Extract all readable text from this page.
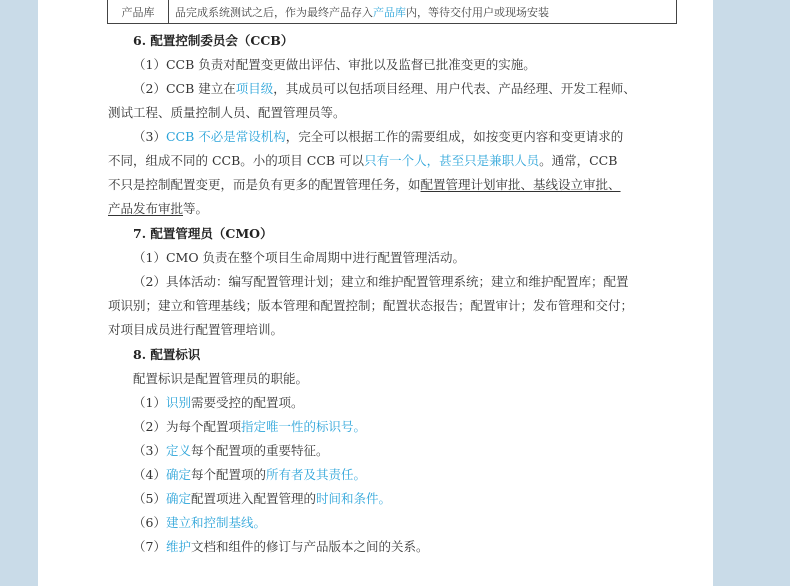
产品库	品完成系统测试之后，作为最终产品存入产品库内，等待交付用户或现场安装
6. 配置控制委员会（CCB）
（1）CCB 负责对配置变更做出评估、审批以及监督已批准变更的实施。
（2）CCB 建立在项目级，其成员可以包括项目经理、用户代表、产品经理、开发工程师、
测试工程、质量控制人员、配置管理员等。
（3）CCB 不必是常设机构，完全可以根据工作的需要组成，如按变更内容和变更请求的
不同，组成不同的 CCB。小的项目 CCB 可以只有一个人，甚至只是兼职人员。通常，CCB
不只是控制配置变更，而是负有更多的配置管理任务，如配置管理计划审批、基线设立审批、
产品发布审批等。
7. 配置管理员（CMO）
（1）CMO 负责在整个项目生命周期中进行配置管理活动。
（2）具体活动：编写配置管理计划；建立和维护配置管理系统；建立和维护配置库；配置
项识别；建立和管理基线；版本管理和配置控制；配置状态报告；配置审计；发布管理和交付；
对项目成员进行配置管理培训。
8. 配置标识
配置标识是配置管理员的职能。
（1）识别需要受控的配置项。
（2）为每个配置项指定唯一性的标识号。
（3）定义每个配置项的重要特征。
（4）确定每个配置项的所有者及其责任。
（5）确定配置项进入配置管理的时间和条件。
（6）建立和控制基线。
（7）维护文档和组件的修订与产品版本之间的关系。
